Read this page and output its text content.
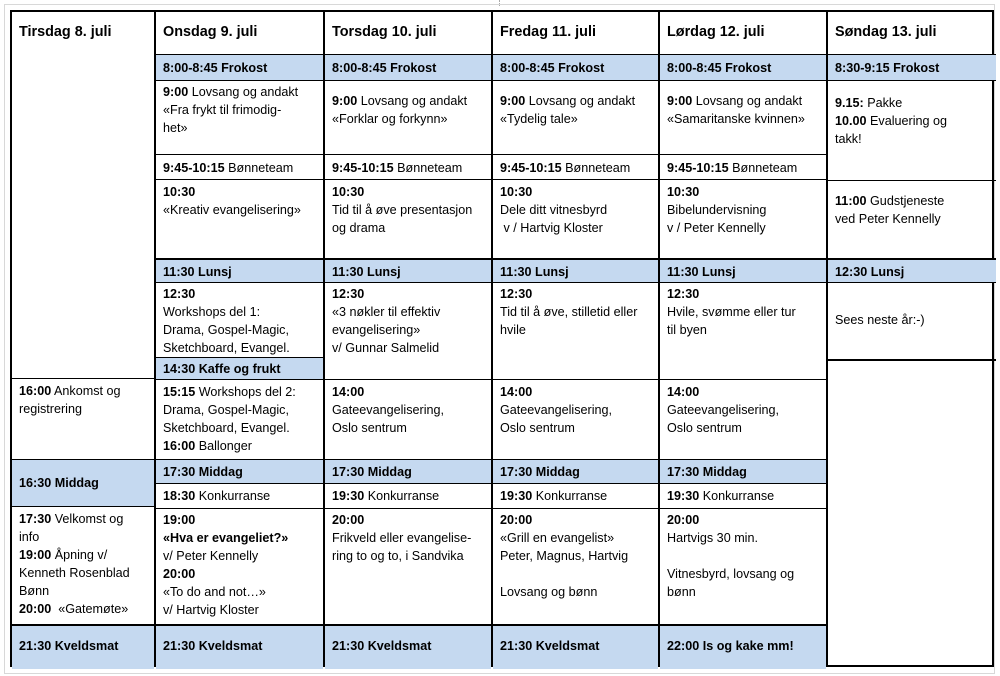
Tirsdag 8. juli
16:00 Ankomst og
registrering
16:30 Middag
17:30 Velkomst og
info
19:00 Åpning v/
Kenneth Rosenblad
Bønn
20:00 «Gatemøte»
21:30 Kveldsmat
Onsdag 9. juli
8:00-8:45 Frokost
9:00 Lovsang og andakt
«Fra frykt til frimodig-
het»
9:45-10:15 Bønneteam
10:30
«Kreativ evangelisering»
11:30 Lunsj
12:30
Workshops del 1:
Drama, Gospel-Magic,
Sketchboard, Evangel.
14:30 Kaffe og frukt
15:15 Workshops del 2:
Drama, Gospel-Magic,
Sketchboard, Evangel.
16:00 Ballonger
17:30 Middag
18:30 Konkurranse
19:00
«Hva er evangeliet?»
v/ Peter Kennelly
20:00
«To do and not…»
v/ Hartvig Kloster
21:30 Kveldsmat
Torsdag 10. juli
8:00-8:45 Frokost
9:00 Lovsang og andakt
«Forklar og forkynn»
9:45-10:15 Bønneteam
10:30
Tid til å øve presentasjon
og drama
11:30 Lunsj
12:30
«3 nøkler til effektiv
evangelisering»
v/ Gunnar Salmelid
14:00
Gateevangelisering,
Oslo sentrum
17:30 Middag
19:30 Konkurranse
20:00
Frikveld eller evangelise-
ring to og to, i Sandvika
21:30 Kveldsmat
Fredag 11. juli
8:00-8:45 Frokost
9:00 Lovsang og andakt
«Tydelig tale»
9:45-10:15 Bønneteam
10:30
Dele ditt vitnesbyrd
v / Hartvig Kloster
11:30 Lunsj
12:30
Tid til å øve, stilletid eller
hvile
14:00
Gateevangelisering,
Oslo sentrum
17:30 Middag
19:30 Konkurranse
20:00
«Grill en evangelist»
Peter, Magnus, Hartvig
Lovsang og bønn
21:30 Kveldsmat
Lørdag 12. juli
8:00-8:45 Frokost
9:00 Lovsang og andakt
«Samaritanske kvinnen»
9:45-10:15 Bønneteam
10:30
Bibelundervisning
v / Peter Kennelly
11:30 Lunsj
12:30
Hvile, svømme eller tur
til byen
14:00
Gateevangelisering,
Oslo sentrum
17:30 Middag
19:30 Konkurranse
20:00
Hartvigs 30 min.
Vitnesbyrd, lovsang og
bønn
22:00 Is og kake mm!
Søndag 13. juli
8:30-9:15 Frokost
9.15: Pakke
10.00 Evaluering og
takk!
11:00 Gudstjeneste
ved Peter Kennelly
12:30 Lunsj
Sees neste år:-)
